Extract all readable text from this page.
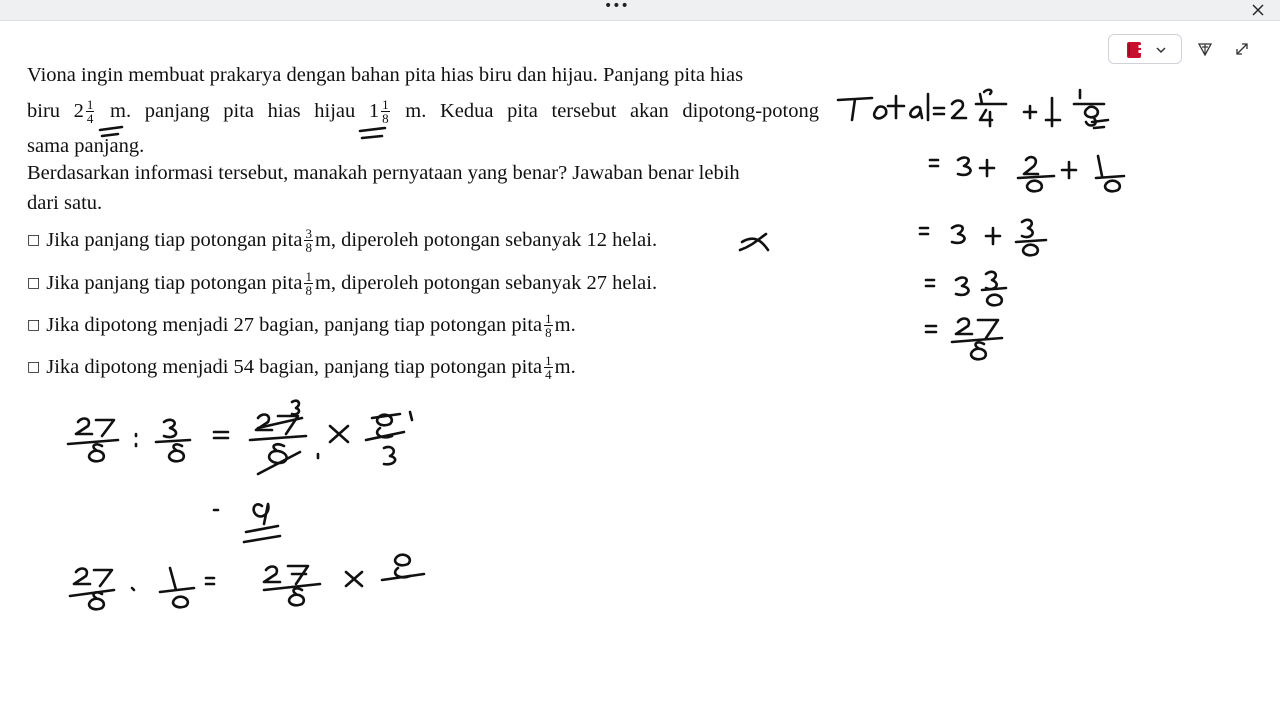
•••
Viona ingin membuat prakarya dengan bahan pita hias biru dan hijau. Panjang pita hias
biru $2 \frac{1}{4} m$. panjang pita hias hijau $1 \frac{1}{8} m$. Kedua pita tersebut akan dipotong-potong
sama panjang.
Berdasarkan informasi tersebut, manakah pernyataan yang benar? Jawaban benar lebih
dari satu.
□ Jika panjang tiap potongan pita $\frac{3}{8} m$, diperoleh potongan sebanyak 12 helai.
□ Jika panjang tiap potongan pita $\frac{1}{8} m$, diperoleh potongan sebanyak 27 helai.
□ Jika dipotong menjadi 27 bagian, panjang tiap potongan pita $\frac{1}{8} m$.
□ Jika dipotong menjadi 54 bagian, panjang tiap potongan pita $\frac{1}{4} m$.
